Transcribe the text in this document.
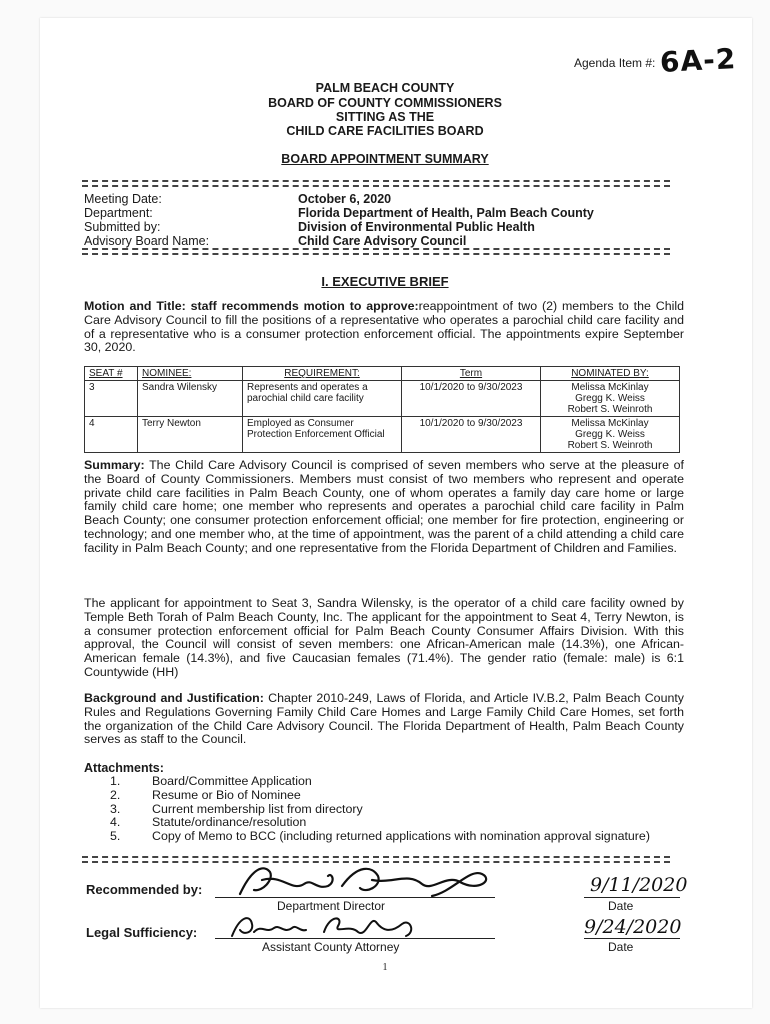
Agenda Item #: 6A-2
PALM BEACH COUNTY
BOARD OF COUNTY COMMISSIONERS
SITTING AS THE
CHILD CARE FACILITIES BOARD
BOARD APPOINTMENT SUMMARY
Meeting Date:	October 6, 2020
Department:	Florida Department of Health, Palm Beach County
Submitted by:	Division of Environmental Public Health
Advisory Board Name:	Child Care Advisory Council
I. EXECUTIVE BRIEF
Motion and Title: staff recommends motion to approve:reappointment of two (2) members to the Child Care Advisory Council to fill the positions of a representative who operates a parochial child care facility and of a representative who is a consumer protection enforcement official. The appointments expire September 30, 2020.
SEAT #	NOMINEE:	REQUIREMENT:	Term	NOMINATED BY:
3	Sandra Wilensky	Represents and operates a parochial child care facility	10/1/2020 to 9/30/2023	Melissa McKinlay
Gregg K. Weiss
Robert S. Weinroth

4	Terry Newton	Employed as Consumer Protection Enforcement Official	10/1/2020 to 9/30/2023	Melissa McKinlay
Gregg K. Weiss
Robert S. Weinroth
Summary: The Child Care Advisory Council is comprised of seven members who serve at the pleasure of the Board of County Commissioners. Members must consist of two members who represent and operate private child care facilities in Palm Beach County, one of whom operates a family day care home or large family child care home; one member who represents and operates a parochial child care facility in Palm Beach County; one consumer protection enforcement official; one member for fire protection, engineering or technology; and one member who, at the time of appointment, was the parent of a child attending a child care facility in Palm Beach County; and one representative from the Florida Department of Children and Families.
The applicant for appointment to Seat 3, Sandra Wilensky, is the operator of a child care facility owned by Temple Beth Torah of Palm Beach County, Inc. The applicant for the appointment to Seat 4, Terry Newton, is a consumer protection enforcement official for Palm Beach County Consumer Affairs Division. With this approval, the Council will consist of seven members: one African-American male (14.3%), one African-American female (14.3%), and five Caucasian females (71.4%). The gender ratio (female: male) is 6:1 Countywide (HH)
Background and Justification: Chapter 2010-249, Laws of Florida, and Article IV.B.2, Palm Beach County Rules and Regulations Governing Family Child Care Homes and Large Family Child Care Homes, set forth the organization of the Child Care Advisory Council. The Florida Department of Health, Palm Beach County serves as staff to the Council.
Attachments:
1.	Board/Committee Application
2.	Resume or Bio of Nominee
3.	Current membership list from directory
4.	Statute/ordinance/resolution
5.	Copy of Memo to BCC (including returned applications with nomination approval signature)
Recommended by:
Department Director
9/11/2020
Date
Legal Sufficiency:
Assistant County Attorney
9/24/2020
Date
1
